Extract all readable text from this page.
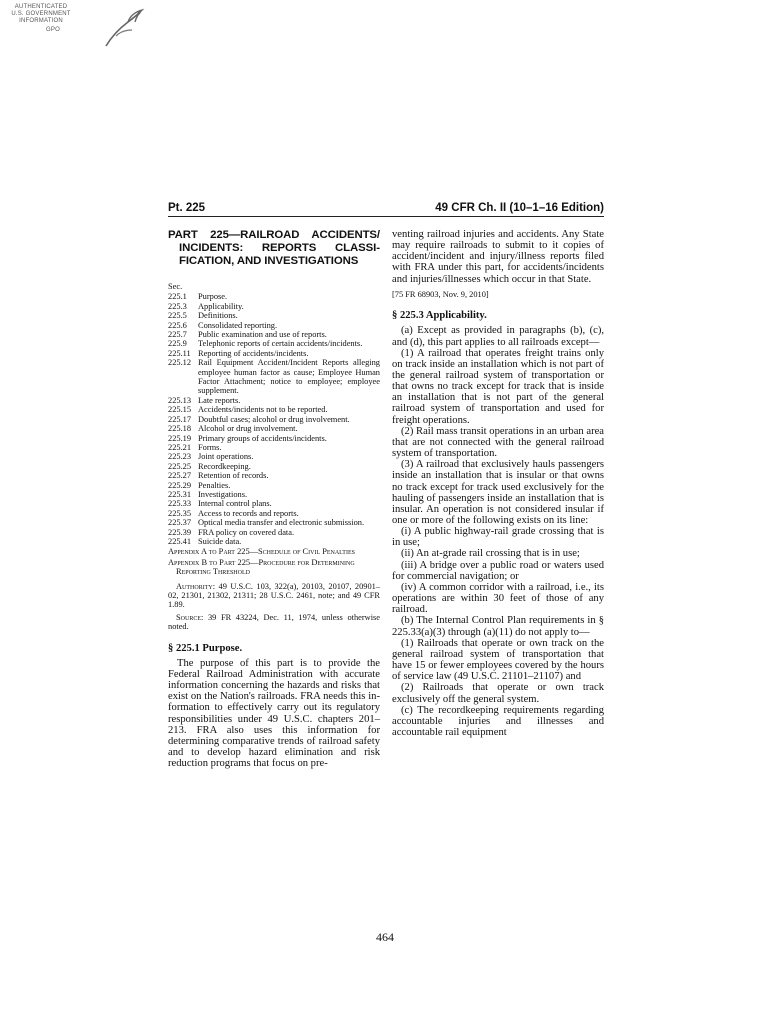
AUTHENTICATED
U.S. GOVERNMENT
INFORMATION
GPO
Pt. 225	49 CFR Ch. II (10–1–16 Edition)
PART 225—RAILROAD ACCIDENTS/ INCIDENTS: REPORTS CLASSIFICATION, AND INVESTIGATIONS
Sec.
225.1	Purpose.
225.3	Applicability.
225.5	Definitions.
225.6	Consolidated reporting.
225.7	Public examination and use of reports.
225.9	Telephonic reports of certain accidents/incidents.
225.11 Reporting of accidents/incidents.
225.12 Rail Equipment Accident/Incident Reports alleging employee human factor as cause; Employee Human Factor Attachment; notice to employee; employee supplement.
225.13 Late reports.
225.15 Accidents/incidents not to be reported.
225.17 Doubtful cases; alcohol or drug involvement.
225.18 Alcohol or drug involvement.
225.19 Primary groups of accidents/incidents.
225.21 Forms.
225.23 Joint operations.
225.25 Recordkeeping.
225.27 Retention of records.
225.29 Penalties.
225.31 Investigations.
225.33 Internal control plans.
225.35 Access to records and reports.
225.37 Optical media transfer and electronic submission.
225.39 FRA policy on covered data.
225.41 Suicide data.
Appendix A to Part 225—Schedule of Civil Penalties
Appendix B to Part 225—Procedure for Determining Reporting Threshold
Authority: 49 U.S.C. 103, 322(a), 20103, 20107, 20901–02, 21301, 21302, 21311; 28 U.S.C. 2461, note; and 49 CFR 1.89.
Source: 39 FR 43224, Dec. 11, 1974, unless otherwise noted.
§ 225.1 Purpose.

The purpose of this part is to provide the Federal Railroad Administration with accurate information concerning the hazards and risks that exist on the Nation's railroads. FRA needs this information to effectively carry out its regulatory responsibilities under 49 U.S.C. chapters 201–213. FRA also uses this information for determining comparative trends of railroad safety and to develop hazard elimination and risk reduction programs that focus on pre-

venting railroad injuries and accidents. Any State may require railroads to submit to it copies of accident/incident and injury/illness reports filed with FRA under this part, for accidents/incidents and injuries/illnesses which occur in that State.

[75 FR 68903, Nov. 9, 2010]
§ 225.3 Applicability.

(a) Except as provided in paragraphs (b), (c), and (d), this part applies to all railroads except—

(1) A railroad that operates freight trains only on track inside an installation which is not part of the general railroad system of transportation or that owns no track except for track that is inside an installation that is not part of the general railroad system of transportation and used for freight operations.

(2) Rail mass transit operations in an urban area that are not connected with the general railroad system of transportation.

(3) A railroad that exclusively hauls passengers inside an installation that is insular or that owns no track except for track used exclusively for the hauling of passengers inside an installation that is insular. An operation is not considered insular if one or more of the following exists on its line:

(i) A public highway-rail grade crossing that is in use;

(ii) An at-grade rail crossing that is in use;

(iii) A bridge over a public road or waters used for commercial navigation; or

(iv) A common corridor with a railroad, i.e., its operations are within 30 feet of those of any railroad.

(b) The Internal Control Plan requirements in § 225.33(a)(3) through (a)(11) do not apply to—

(1) Railroads that operate or own track on the general railroad system of transportation that have 15 or fewer employees covered by the hours of service law (49 U.S.C. 21101–21107) and

(2) Railroads that operate or own track exclusively off the general system.

(c) The recordkeeping requirements regarding accountable injuries and illnesses and accountable rail equipment

464
